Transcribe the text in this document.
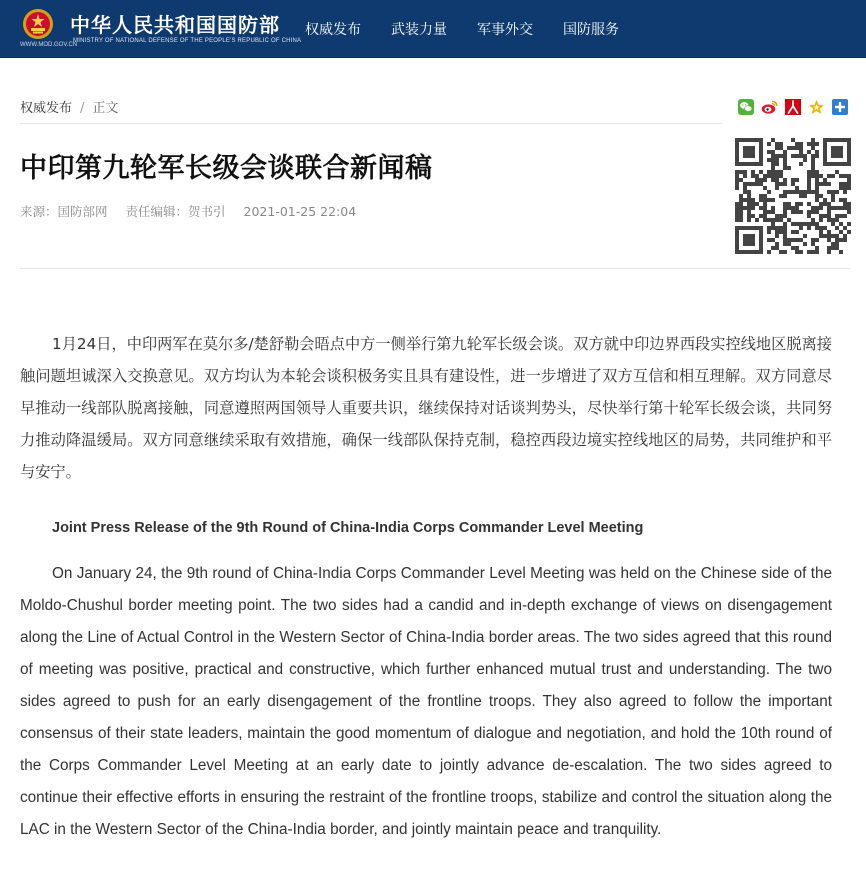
中华人民共和国国防部
MINISTRY OF NATIONAL DEFENSE OF THE PEOPLE'S REPUBLIC OF CHINA
WWW.MOD.GOV.CN
权威发布 武装力量 军事外交 国防服务
权威发布 / 正文
中印第九轮军长级会谈联合新闻稿
来源：国防部网 责任编辑：贺书引 2021-01-25 22:04

1月24日，中印两军在莫尔多/楚舒勒会晤点中方一侧举行第九轮军长级会谈。双方就中印边界西段实控线地区脱离接触问题坦诚深入交换意见。双方均认为本轮会谈积极务实且具有建设性，进一步增进了双方互信和相互理解。双方同意尽早推动一线部队脱离接触，同意遵照两国领导人重要共识，继续保持对话谈判势头，尽快举行第十轮军长级会谈，共同努力推动降温缓局。双方同意继续采取有效措施，确保一线部队保持克制，稳控西段边境实控线地区的局势，共同维护和平与安宁。

Joint Press Release of the 9th Round of China-India Corps Commander Level Meeting

On January 24, the 9th round of China-India Corps Commander Level Meeting was held on the Chinese side of the Moldo-Chushul border meeting point. The two sides had a candid and in-depth exchange of views on disengagement along the Line of Actual Control in the Western Sector of China-India border areas. The two sides agreed that this round of meeting was positive, practical and constructive, which further enhanced mutual trust and understanding. The two sides agreed to push for an early disengagement of the frontline troops. They also agreed to follow the important consensus of their state leaders, maintain the good momentum of dialogue and negotiation, and hold the 10th round of the Corps Commander Level Meeting at an early date to jointly advance de-escalation. The two sides agreed to continue their effective efforts in ensuring the restraint of the frontline troops, stabilize and control the situation along the LAC in the Western Sector of the China-India border, and jointly maintain peace and tranquility.
